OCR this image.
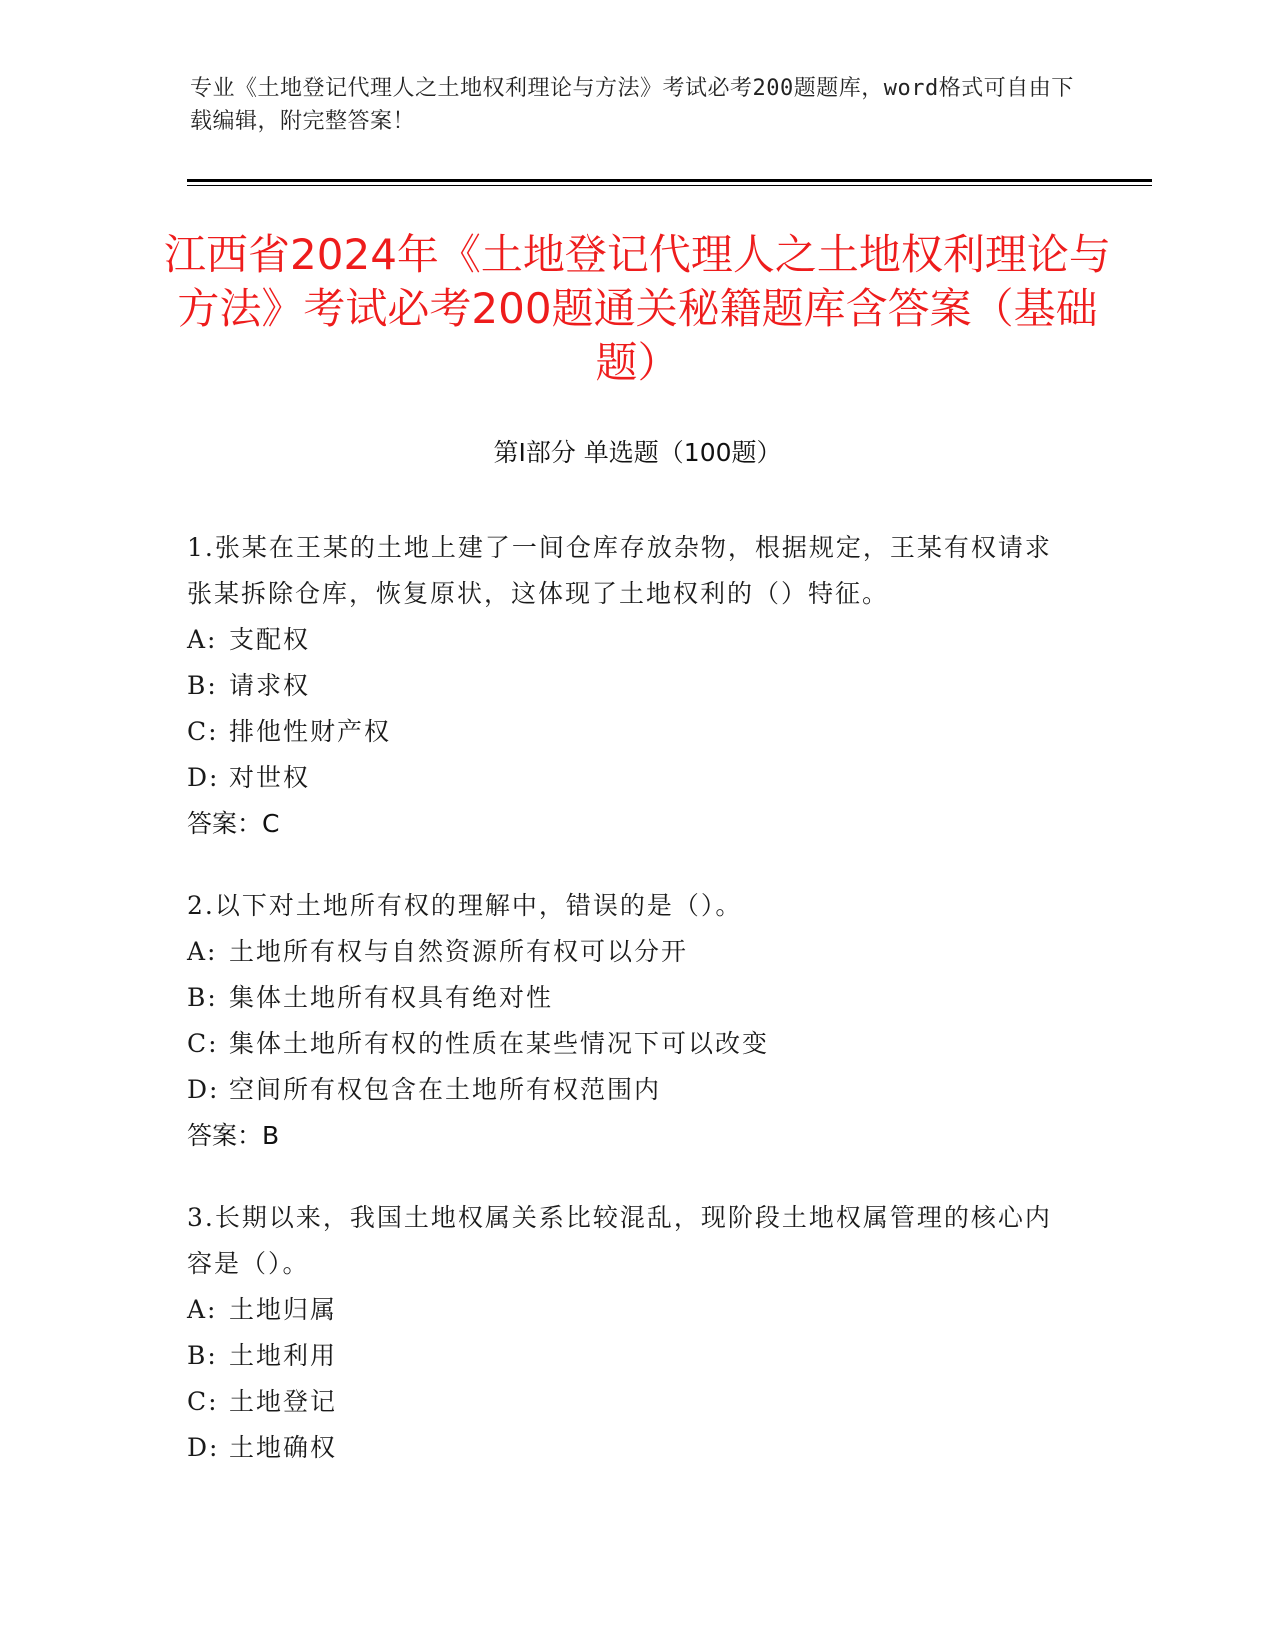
专业《土地登记代理人之土地权利理论与方法》考试必考200题题库，word格式可自由下载编辑，附完整答案！
江西省2024年《土地登记代理人之土地权利理论与方法》考试必考200题通关秘籍题库含答案（基础题）
第Ⅰ部分 单选题（100题）
1.张某在王某的土地上建了一间仓库存放杂物，根据规定，王某有权请求张某拆除仓库，恢复原状，这体现了土地权利的（）特征。
A: 支配权
B: 请求权
C: 排他性财产权
D: 对世权
答案：C
2.以下对土地所有权的理解中，错误的是（）。
A: 土地所有权与自然资源所有权可以分开
B: 集体土地所有权具有绝对性
C: 集体土地所有权的性质在某些情况下可以改变
D: 空间所有权包含在土地所有权范围内
答案：B
3.长期以来，我国土地权属关系比较混乱，现阶段土地权属管理的核心内容是（）。
A: 土地归属
B: 土地利用
C: 土地登记
D: 土地确权
